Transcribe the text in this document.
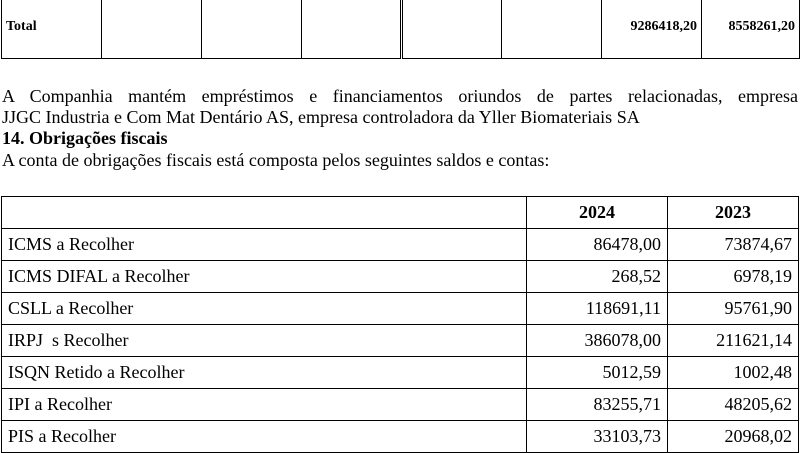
Total						9286418,20	8558261,20
A Companhia mantém empréstimos e financiamentos oriundos de partes relacionadas, empresa
JJGC Industria e Com Mat Dentário AS, empresa controladora da Yller Biomateriais SA
14. Obrigações fiscais
A conta de obrigações fiscais está composta pelos seguintes saldos e contas:
	2024	2023
ICMS a Recolher	86478,00	73874,67
ICMS DIFAL a Recolher	268,52	6978,19
CSLL a Recolher	118691,11	95761,90
IRPJ  s Recolher	386078,00	211621,14
ISQN Retido a Recolher	5012,59	1002,48
IPI a Recolher	83255,71	48205,62
PIS a Recolher	33103,73	20968,02
